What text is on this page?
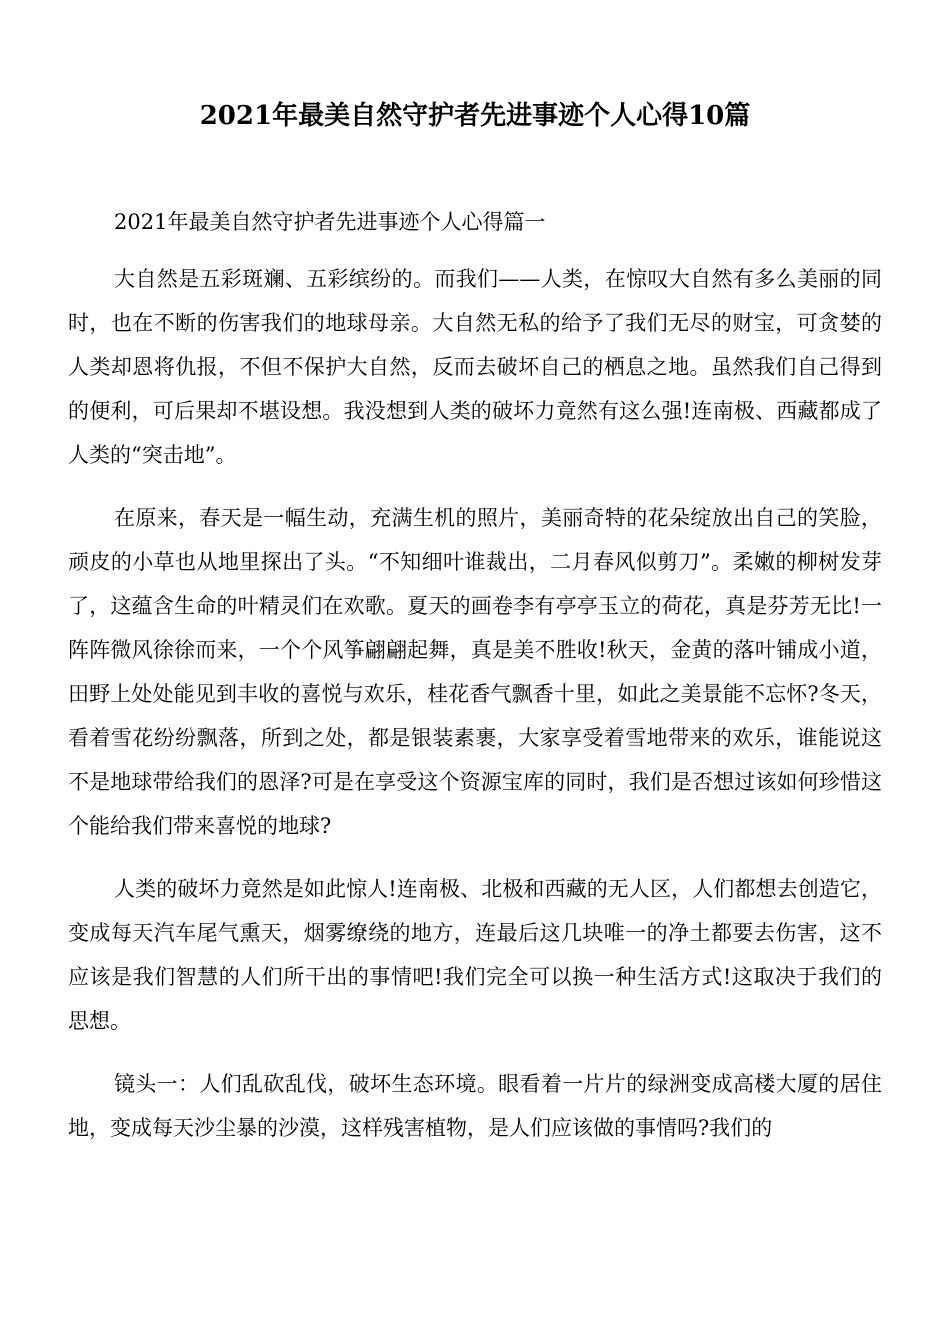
2021年最美自然守护者先进事迹个人心得10篇

2021年最美自然守护者先进事迹个人心得篇一

大自然是五彩斑斓、五彩缤纷的。而我们——人类，在惊叹大自然有多么美丽的同时，也在不断的伤害我们的地球母亲。大自然无私的给予了我们无尽的财宝，可贪婪的人类却恩将仇报，不但不保护大自然，反而去破坏自己的栖息之地。虽然我们自己得到的便利，可后果却不堪设想。我没想到人类的破坏力竟然有这么强!连南极、西藏都成了人类的“突击地”。

在原来，春天是一幅生动，充满生机的照片，美丽奇特的花朵绽放出自己的笑脸，顽皮的小草也从地里探出了头。“不知细叶谁裁出，二月春风似剪刀”。柔嫩的柳树发芽了，这蕴含生命的叶精灵们在欢歌。夏天的画卷李有亭亭玉立的荷花，真是芬芳无比!一阵阵微风徐徐而来，一个个风筝翩翩起舞，真是美不胜收!秋天，金黄的落叶铺成小道，田野上处处能见到丰收的喜悦与欢乐，桂花香气飘香十里，如此之美景能不忘怀?冬天，看着雪花纷纷飘落，所到之处，都是银装素裹，大家享受着雪地带来的欢乐，谁能说这不是地球带给我们的恩泽?可是在享受这个资源宝库的同时，我们是否想过该如何珍惜这个能给我们带来喜悦的地球?

人类的破坏力竟然是如此惊人!连南极、北极和西藏的无人区，人们都想去创造它，变成每天汽车尾气熏天，烟雾缭绕的地方，连最后这几块唯一的净土都要去伤害，这不应该是我们智慧的人们所干出的事情吧!我们完全可以换一种生活方式!这取决于我们的思想。

镜头一：人们乱砍乱伐，破坏生态环境。眼看着一片片的绿洲变成高楼大厦的居住地，变成每天沙尘暴的沙漠，这样残害植物，是人们应该做的事情吗?我们的
